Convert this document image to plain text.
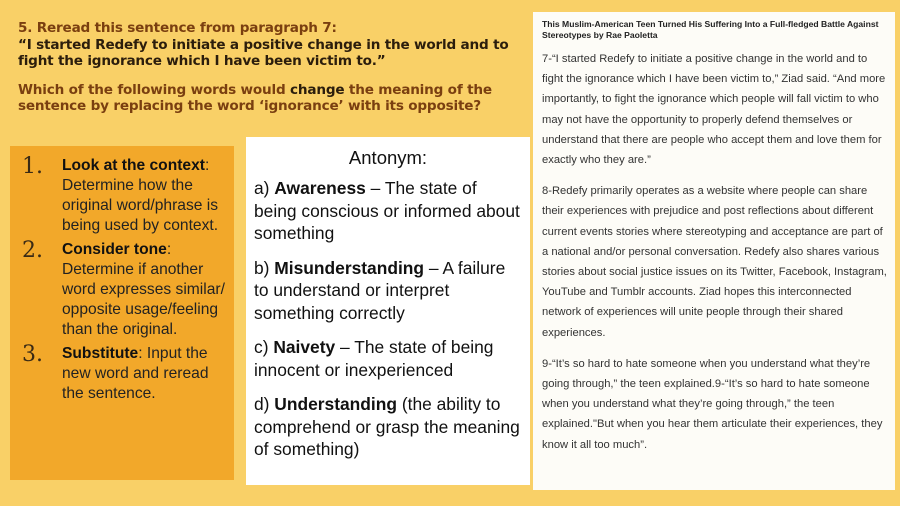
5. Reread this sentence from paragraph 7:
“I started Redefy to initiate a positive change in the world and to
fight the ignorance which I have been victim to.”
Which of the following words would change the meaning of the
sentence by replacing the word ‘ignorance’ with its opposite?
1.	Look at the context: Determine how the original word/phrase is being used by context.
2.	Consider tone: Determine if another word expresses similar/ opposite usage/feeling than the original.
3.	Substitute: Input the new word and reread the sentence.
Antonym:
a) Awareness – The state of being conscious or informed about something
b) Misunderstanding – A failure to understand or interpret something correctly
c) Naivety – The state of being innocent or inexperienced
d) Understanding (the ability to comprehend or grasp the meaning of something)
This Muslim-American Teen Turned His Suffering Into a Full-fledged Battle Against Stereotypes by Rae Paoletta

7-“I started Redefy to initiate a positive change in the world and to fight the ignorance which I have been victim to,” Ziad said. “And more importantly, to fight the ignorance which people will fall victim to who may not have the opportunity to properly defend themselves or understand that there are people who accept them and love them for exactly who they are.”

8-Redefy primarily operates as a website where people can share their experiences with prejudice and post reflections about different current events stories where stereotyping and acceptance are part of a national and/or personal conversation. Redefy also shares various stories about social justice issues on its Twitter, Facebook, Instagram, YouTube and Tumblr accounts. Ziad hopes this interconnected network of experiences will unite people through their shared experiences.

9-“It’s so hard to hate someone when you understand what they’re going through,” the teen explained.9-“It’s so hard to hate someone when you understand what they’re going through,” the teen explained."But when you hear them articulate their experiences, they know it all too much”.
